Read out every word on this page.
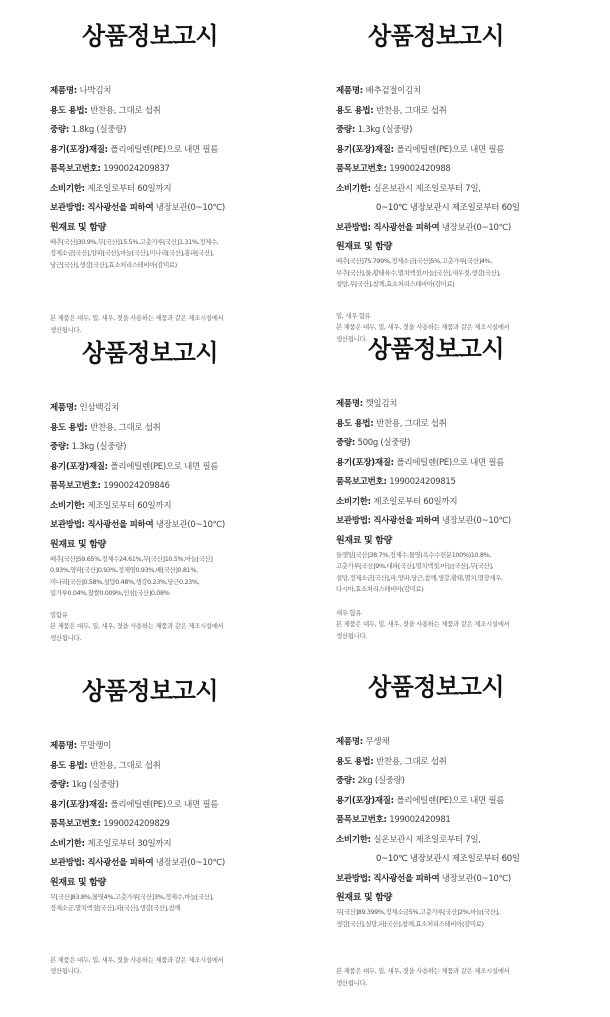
상품정보고시
제품명: 나박김치
용도 용법: 반찬용, 그대로 섭취
중량: 1.8kg (실중량)
용기(포장)재질: 폴리에틸렌(PE)으로 내면 필름
품목보고번호: 1990024209837
소비기한: 제조일로부터 60일까지
보관방법: 직사광선을 피하여 냉장보관(0~10℃)
원재료 및 함량
배추[국산]30.9%,무[국산]15.5%,고춧가루[국산]1.31%,정제수,
정제소금[국산],양파[국산],마늘[국산],미나리[국산],홍파[국산],
당근[국산],생강[국산],효소처리스테비아(감미료)
본 제품은 대두, 밀, 새우, 젓을 사용하는 제품과 같은 제조시설에서
생산됩니다.
상품정보고시
제품명: 배추겉절이김치
용도 용법: 반찬용, 그대로 섭취
중량: 1.3kg (실중량)
용기(포장)재질: 폴리에틸렌(PE)으로 내면 필름
품목보고번호: 199002420988
소비기한: 실온보관시 제조일로부터 7일,
0~10℃ 냉장보관시 제조일로부터 60일
보관방법: 직사광선을 피하여 냉장보관(0~10℃)
원재료 및 함량
배추[국산]75.799%,정제소금[국산]5%,고춧가루[국산]4%,
부추[국산],물,황태육수,멸치액젓,마늘[국산],새우젓,생강[국산],
설탕,무[국산],참깨,효소처리스테비아(감미료)
밀, 새우 함유
본 제품은 대두, 밀, 새우, 젓을 사용하는 제품과 같은 제조시설에서
생산됩니다.
상품정보고시
제품명: 인삼백김치
용도 용법: 반찬용, 그대로 섭취
중량: 1.3kg (실중량)
용기(포장)재질: 폴리에틸렌(PE)으로 내면 필름
품목보고번호: 1990024209846
소비기한: 제조일로부터 60일까지
보관방법: 직사광선을 피하여 냉장보관(0~10℃)
원재료 및 함량
배추[국산]59.65%,정제수24.61%,무[국산]10.5%,마늘[국산]
0.93%,양파[국산]0.93%,정제염0.93%,배[국산]0.81%,
미나리[국산]0.58%,설탕0.48%,생강0.23%,당근0.23%,
밀가루0.04%,찹쌀0.009%,인삼[국산]0.08%
밀함유
본 제품은 대두, 밀, 새우, 젓을 사용하는 제품과 같은 제조시설에서
생산됩니다.
상품정보고시
제품명: 깻잎김치
용도 용법: 반찬용, 그대로 섭취
중량: 500g (실중량)
용기(포장)재질: 폴리에틸렌(PE)으로 내면 필름
품목보고번호: 1990024209815
소비기한: 제조일로부터 60일까지
보관방법: 직사광선을 피하여 냉장보관(0~10℃)
원재료 및 함량
들깻잎[국산]38.7%,정제수,물엿(옥수수전분100%)10.8%,
고춧가루[국산]9%,대파[국산],멸치액젓,마늘[국산],무[국산],
설탕,정제소금[국산],파,양파,당근,참깨,생강,황태,멸치,멸장새우,
다시마,효소처리스테비아(감미료)
새우 함유
본 제품은 대두, 밀, 새우, 젓을 사용하는 제품과 같은 제조시설에서
생산됩니다.
상품정보고시
제품명: 무말랭이
용도 용법: 반찬용, 그대로 섭취
중량: 1kg (실중량)
용기(포장)재질: 폴리에틸렌(PE)으로 내면 필름
품목보고번호: 1990024209829
소비기한: 제조일로부터 30일까지
보관방법: 직사광선을 피하여 냉장보관(0~10℃)
원재료 및 함량
무[국산]83.8%,물엿4%,고춧가루[국산]3%,정제수,마늘[국산],
정제소금,멸치액젓[국산],파[국산],생강[국산],참깨
본 제품은 대두, 밀, 새우, 젓을 사용하는 제품과 같은 제조시설에서
생산됩니다.
상품정보고시
제품명: 무생채
용도 용법: 반찬용, 그대로 섭취
중량: 2kg (실중량)
용기(포장)재질: 폴리에틸렌(PE)으로 내면 필름
품목보고번호: 199002420981
소비기한: 실온보관시 제조일로부터 7일,
0~10℃ 냉장보관시 제조일로부터 60일
보관방법: 직사광선을 피하여 냉장보관(0~10℃)
원재료 및 함량
무[국산]89.399%,정제소금5%,고춧가루[국산]2%,마늘[국산],
생강[국산],설탕,파[국산],참깨,효소처리스테비아(감미료)
본 제품은 대두, 밀, 새우, 젓을 사용하는 제품과 같은 제조시설에서
생산됩니다.
